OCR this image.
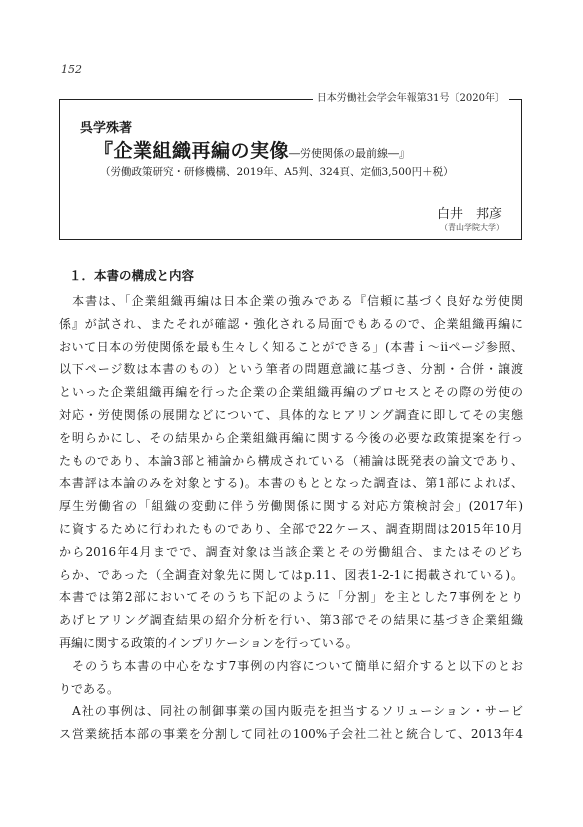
152
日本労働社会学会年報第31号〔2020年〕
呉学殊著
『企業組織再編の実像―労使関係の最前線―』
（労働政策研究・研修機構、2019年、A5判、324頁、定価3,500円＋税）
白井　邦彦
（青山学院大学）
１．本書の構成と内容
　本書は、「企業組織再編は日本企業の強みである『信頼に基づく良好な労使関
係』が試され、またそれが確認・強化される局面でもあるので、企業組織再編に
おいて日本の労使関係を最も生々しく知ることができる」(本書ｉ～ⅱページ参照、
以下ページ数は本書のもの）という筆者の問題意識に基づき、分割・合併・譲渡
といった企業組織再編を行った企業の企業組織再編のプロセスとその際の労使の
対応・労使関係の展開などについて、具体的なヒアリング調査に即してその実態
を明らかにし、その結果から企業組織再編に関する今後の必要な政策提案を行っ
たものであり、本論3部と補論から構成されている（補論は既発表の論文であり、
本書評は本論のみを対象とする)。本書のもととなった調査は、第1部によれば、
厚生労働省の「組織の変動に伴う労働関係に関する対応方策検討会」(2017年)
に資するために行われたものであり、全部で22ケース、調査期間は2015年10月
から2016年4月までで、調査対象は当該企業とその労働組合、またはそのどち
らか、であった（全調査対象先に関してはp.11、図表1-2-1に掲載されている)。
本書では第2部においてそのうち下記のように「分割」を主とした7事例をとり
あげヒアリング調査結果の紹介分析を行い、第3部でその結果に基づき企業組織
再編に関する政策的インプリケーションを行っている。
　そのうち本書の中心をなす7事例の内容について簡単に紹介すると以下のとお
りである。
　A社の事例は、同社の制御事業の国内販売を担当するソリューション・サービ
ス営業統括本部の事業を分割して同社の100%子会社二社と統合して、2013年4
